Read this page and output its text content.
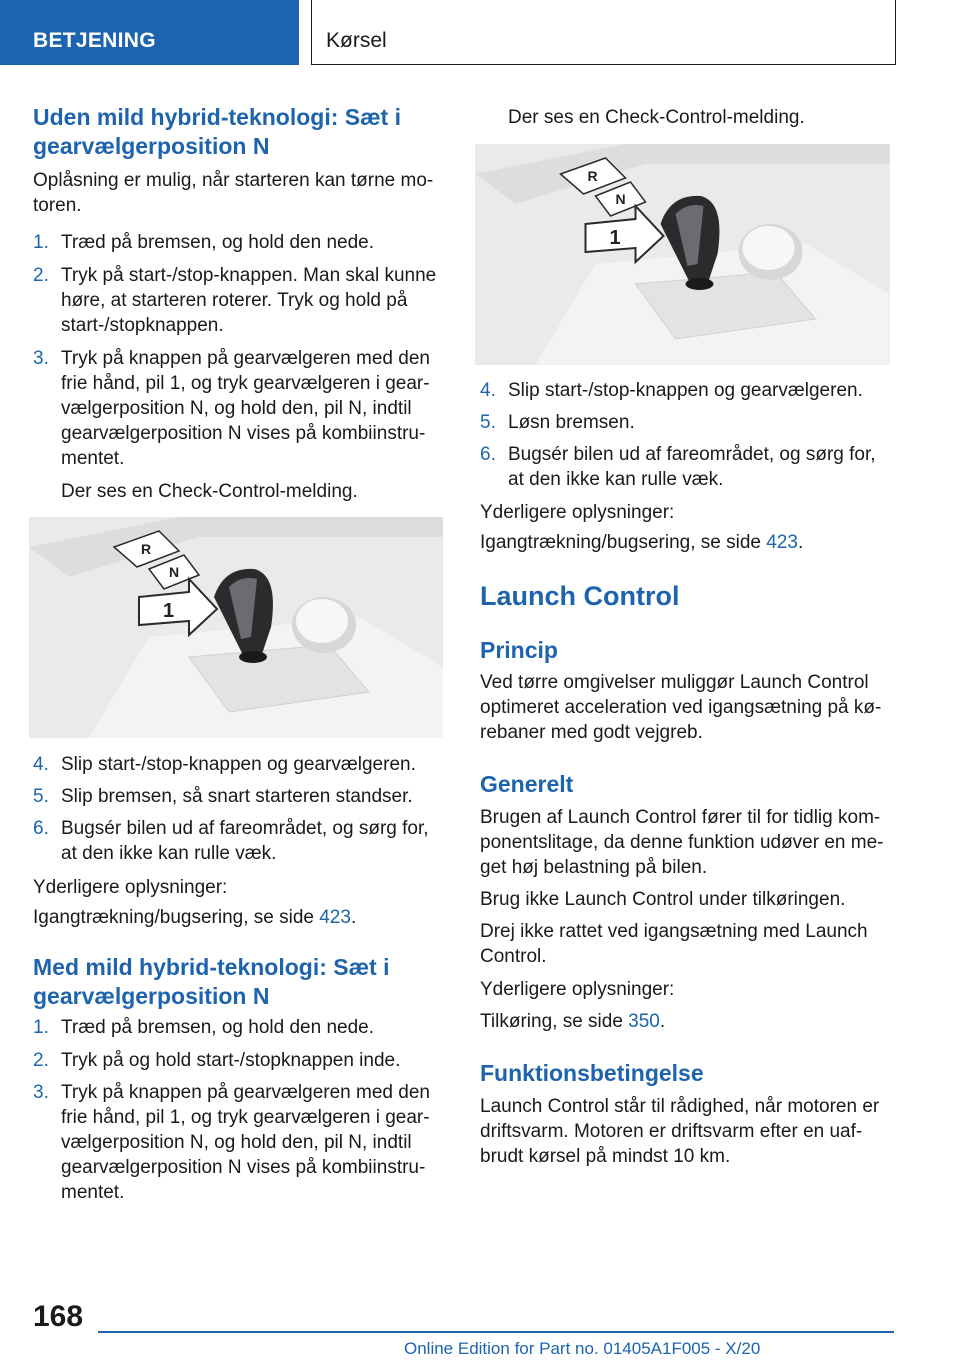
BETJENING	Kørsel
Uden mild hybrid-teknologi: Sæt i gearvælgerposition N
Oplåsning er mulig, når starteren kan tørne mo-toren.
1. Træd på bremsen, og hold den nede.
2. Tryk på start-/stop-knappen. Man skal kunne høre, at starteren roterer. Tryk og hold på start-/stopknappen.
3. Tryk på knappen på gearvælgeren med den frie hånd, pil 1, og tryk gearvælgeren i gear-vælgerposition N, og hold den, pil N, indtil gearvælgerposition N vises på kombiinstru-mentet.
Der ses en Check-Control-melding.
R
N
1
4. Slip start-/stop-knappen og gearvælgeren.
5. Slip bremsen, så snart starteren standser.
6. Bugsér bilen ud af fareområdet, og sørg for, at den ikke kan rulle væk.
Yderligere oplysninger:
Igangtrækning/bugsering, se side 423.
Med mild hybrid-teknologi: Sæt i gearvælgerposition N
1. Træd på bremsen, og hold den nede.
2. Tryk på og hold start-/stopknappen inde.
3. Tryk på knappen på gearvælgeren med den frie hånd, pil 1, og tryk gearvælgeren i gear-vælgerposition N, og hold den, pil N, indtil gearvælgerposition N vises på kombiinstru-mentet.
Der ses en Check-Control-melding.
R
N
1
4. Slip start-/stop-knappen og gearvælgeren.
5. Løsn bremsen.
6. Bugsér bilen ud af fareområdet, og sørg for, at den ikke kan rulle væk.
Yderligere oplysninger:
Igangtrækning/bugsering, se side 423.
Launch Control
Princip
Ved tørre omgivelser muliggør Launch Control optimeret acceleration ved igangsætning på kø-rebaner med godt vejgreb.
Generelt
Brugen af Launch Control fører til for tidlig kom-ponentslitage, da denne funktion udøver en me-get høj belastning på bilen.
Brug ikke Launch Control under tilkøringen.
Drej ikke rattet ved igangsætning med Launch Control.
Yderligere oplysninger:
Tilkøring, se side 350.
Funktionsbetingelse
Launch Control står til rådighed, når motoren er driftsvarm. Motoren er driftsvarm efter en uaf-brudt kørsel på mindst 10 km.
168
Online Edition for Part no. 01405A1F005 - X/20
